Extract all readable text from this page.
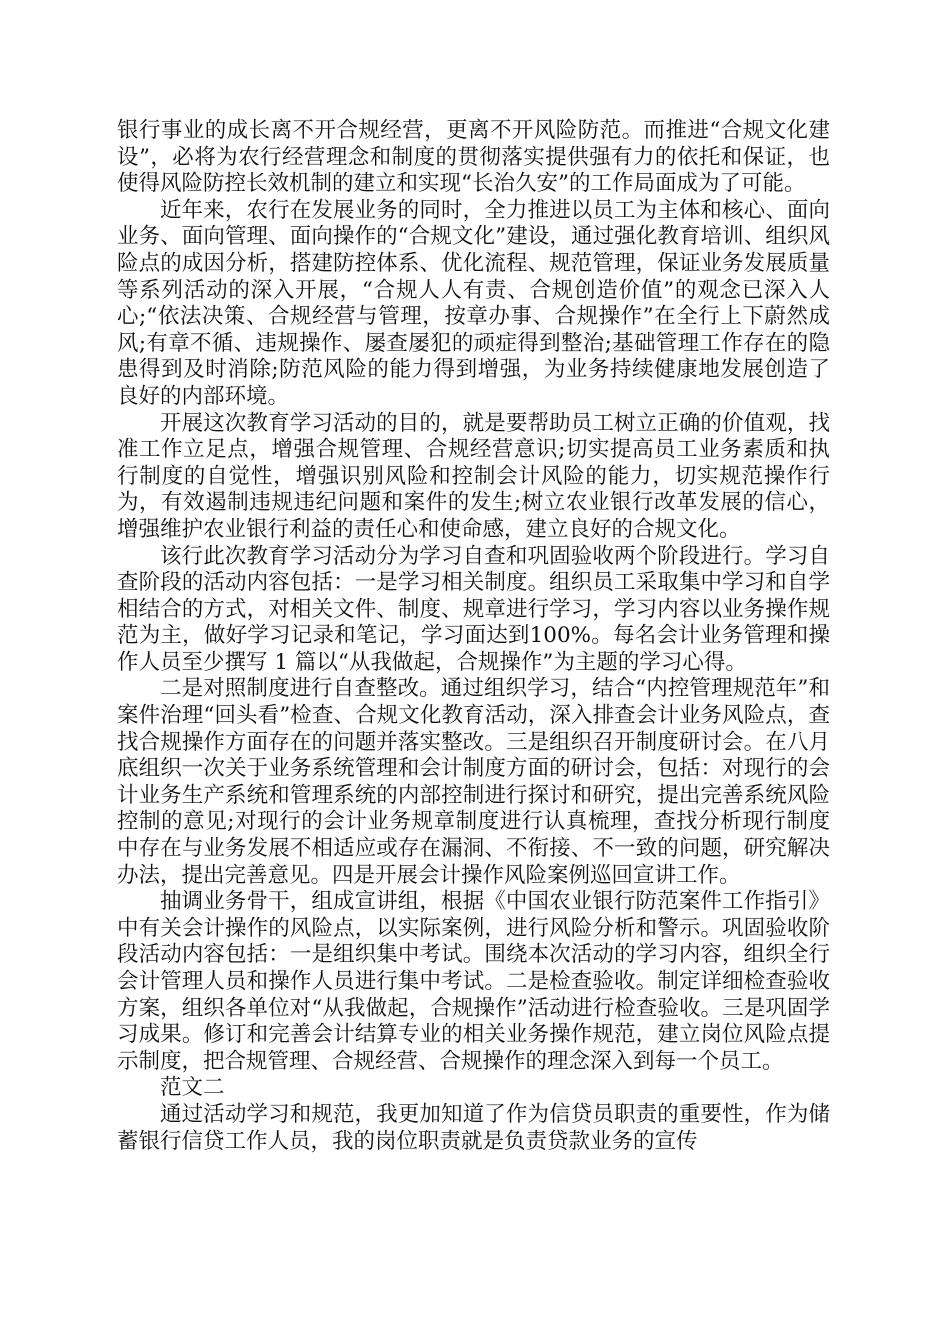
银行事业的成长离不开合规经营，更离不开风险防范。而推进“合规文化建设”，必将为农行经营理念和制度的贯彻落实提供强有力的依托和保证，也使得风险防控长效机制的建立和实现“长治久安”的工作局面成为了可能。

近年来，农行在发展业务的同时，全力推进以员工为主体和核心、面向业务、面向管理、面向操作的“合规文化”建设，通过强化教育培训、组织风险点的成因分析，搭建防控体系、优化流程、规范管理，保证业务发展质量等系列活动的深入开展，“合规人人有责、合规创造价值”的观念已深入人心;“依法决策、合规经营与管理，按章办事、合规操作”在全行上下蔚然成风;有章不循、违规操作、屡查屡犯的顽症得到整治;基础管理工作存在的隐患得到及时消除;防范风险的能力得到增强，为业务持续健康地发展创造了良好的内部环境。

开展这次教育学习活动的目的，就是要帮助员工树立正确的价值观，找准工作立足点，增强合规管理、合规经营意识;切实提高员工业务素质和执行制度的自觉性，增强识别风险和控制会计风险的能力，切实规范操作行为，有效遏制违规违纪问题和案件的发生;树立农业银行改革发展的信心，增强维护农业银行利益的责任心和使命感，建立良好的合规文化。

该行此次教育学习活动分为学习自查和巩固验收两个阶段进行。学习自查阶段的活动内容包括：一是学习相关制度。组织员工采取集中学习和自学相结合的方式，对相关文件、制度、规章进行学习，学习内容以业务操作规范为主，做好学习记录和笔记，学习面达到100%。每名会计业务管理和操作人员至少撰写 1 篇以“从我做起，合规操作”为主题的学习心得。

二是对照制度进行自查整改。通过组织学习，结合“内控管理规范年”和案件治理“回头看”检查、合规文化教育活动，深入排查会计业务风险点，查找合规操作方面存在的问题并落实整改。三是组织召开制度研讨会。在八月底组织一次关于业务系统管理和会计制度方面的研讨会，包括：对现行的会计业务生产系统和管理系统的内部控制进行探讨和研究，提出完善系统风险控制的意见;对现行的会计业务规章制度进行认真梳理，查找分析现行制度中存在与业务发展不相适应或存在漏洞、不衔接、不一致的问题，研究解决办法，提出完善意见。四是开展会计操作风险案例巡回宣讲工作。

抽调业务骨干，组成宣讲组，根据《中国农业银行防范案件工作指引》中有关会计操作的风险点，以实际案例，进行风险分析和警示。巩固验收阶段活动内容包括：一是组织集中考试。围绕本次活动的学习内容，组织全行会计管理人员和操作人员进行集中考试。二是检查验收。制定详细检查验收方案，组织各单位对“从我做起，合规操作”活动进行检查验收。三是巩固学习成果。修订和完善会计结算专业的相关业务操作规范，建立岗位风险点提示制度，把合规管理、合规经营、合规操作的理念深入到每一个员工。

范文二

通过活动学习和规范，我更加知道了作为信贷员职责的重要性，作为储蓄银行信贷工作人员，我的岗位职责就是负责贷款业务的宣传
